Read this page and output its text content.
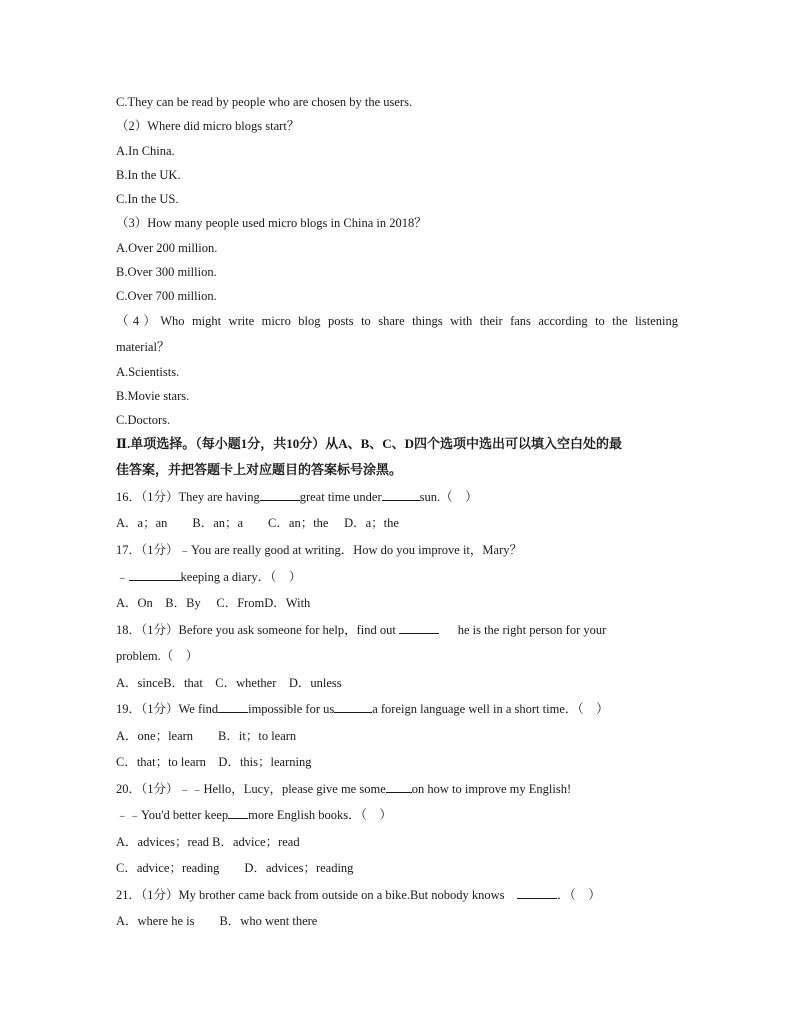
C.They can be read by people who are chosen by the users.
（2）Where did micro blogs start？
A.In China.
B.In the UK.
C.In the US.
（3）How many people used micro blogs in China in 2018？
A.Over 200 million.
B.Over 300 million.
C.Over 700 million.
（4）Who might write micro blog posts to share things with their fans according to the listening
material？
A.Scientists.
B.Movie stars.
C.Doctors.
Ⅱ.单项选择。（每小题1分，共10分）从A、B、C、D四个选项中选出可以填入空白处的最
佳答案，并把答题卡上对应题目的答案标号涂黑。
16．（1分）They are having	great time under	sun.（　）
A．a；an　　B．an；a　　C．an；the　 D．a；the
17．（1分）﹣You are really good at writing．How do you improve it，Mary？
﹣	keeping a diary．（　）
A．On　B．By　 C．FromD．With
18．（1分）Before you ask someone for help，find out	he is the right person for your
problem.（　）
A．sinceB．that　C．whether　D．unless
19．（1分）We find impossible for us	a foreign language well in a short time．（　）
A．one；learn　　B．it；to learn
C．that；to learn　D．this；learning
20．（1分）﹣﹣Hello，Lucy，please give me some on how to improve my English!
﹣﹣You'd better keep more English books．（　）
A．advices；read B．advice；read
C．advice；reading　　D．advices；reading
21．（1分）My brother came back from outside on a bike.But nobody knows	．（　）
A．where he is　　B．who went there
